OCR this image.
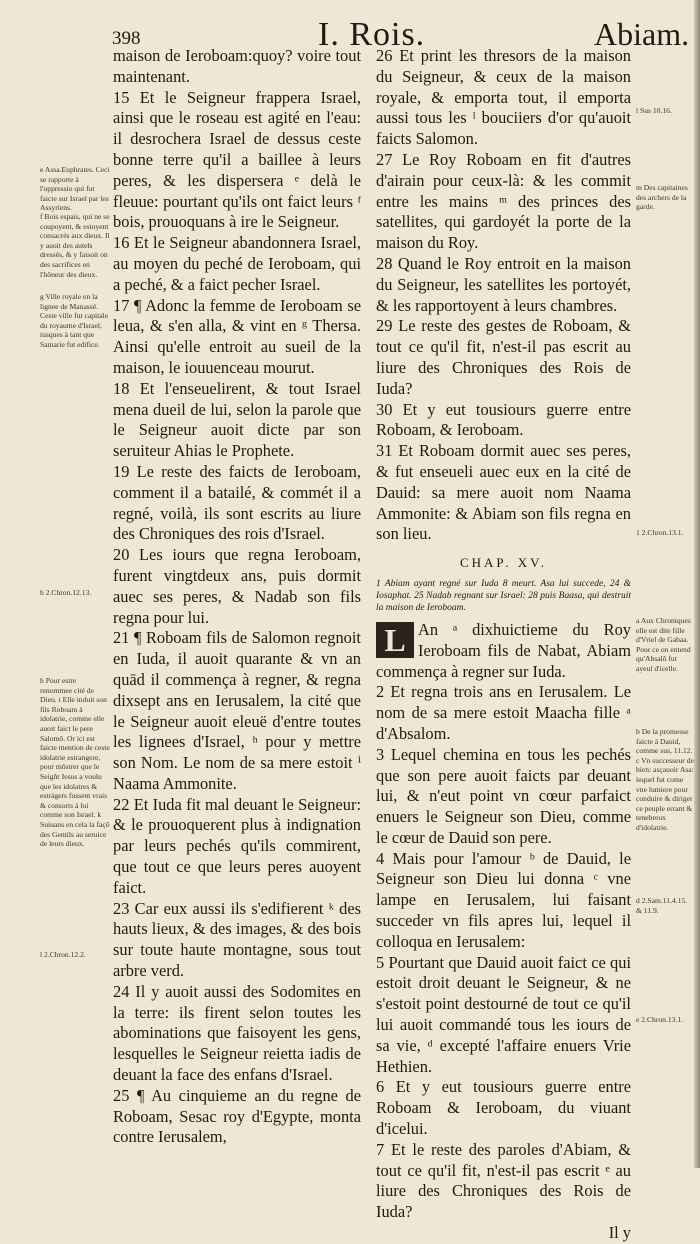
398	I. Rois.	Abiam.
e Assa.Euphrates. Ceci se rapporte à l'oppressio qui fut faicte sur Israel par les Assyriens.
f Bois espais, qui ne se coupoyent, & estoyent consacrés aux dieux. Il y auoit des autels dressés, & y faisoit on des sacrifices en l'hõneur des dieux.
g Ville royale en la lignee de Manassé. Ceste ville fut capitale du royaume d'Israel, iusques à tant que Samarie fut edifice.
h 2.Chron.12.13.
h Pour estre renommee cité de Dieu. i Elle induit son fils Roboam à idolatrie, comme elle auoit faict le pere Salomõ. Or ici est faicte mention de ceste idolatrie estrangere, pour mõstrer que le Seigñr Iesus a voulu que les idolatres & estrágers fussent vrais & consorts à lui comme son Israel. k Suiuans en cela la façõ des Gentils au seruice de leurs dieux.
l 2.Chron.12.2.
l Sus 10.16.
m Des capitaines des archers de la garde.
1 2.Chron.13.1.
a Aux Chroniques elle est dite fille d'Vriel de Gabaa. Pour ce on entend qu'Absalõ fut ayeul d'icelle.
b De la promesse faicte à Dauid, comme sus, 11.12. c Vn successeur de bien: asçauoir Asa: lequel fut come vne lumiere pour conduire & diriger ce peuple errant & tenebreux d'idolatrie.
d 2.Sam.11.4.15. & 11.9.
e 2.Chron.13.1.

maison de Ieroboam:quoy? voire tout maintenant.

15 Et le Seigneur frappera Israel, ainsi que le roseau est agité en l'eau: il desrochera Israel de dessus ceste bonne terre qu'il a baillee à leurs peres, & les dispersera ᵉ delà le fleuue: pourtant qu'ils ont faict leurs ᶠ bois, prouoquans à ire le Seigneur.

16 Et le Seigneur abandonnera Israel, au moyen du peché de Ieroboam, qui a peché, & a faict pecher Israel.

17 ¶ Adonc la femme de Ieroboam se leua, & s'en alla, & vint en ᵍ Thersa. Ainsi qu'elle entroit au sueil de la maison, le iouuenceau mourut.

18 Et l'enseuelirent, & tout Israel mena dueil de lui, selon la parole que le Seigneur auoit dicte par son seruiteur Ahias le Prophete.

19 Le reste des faicts de Ieroboam, comment il a batailé, & commét il a regné, voilà, ils sont escrits au liure des Chroniques des rois d'Israel.

20 Les iours que regna Ieroboam, furent vingtdeux ans, puis dormit auec ses peres, & Nadab son fils regna pour lui.

21 ¶ Roboam fils de Salomon regnoit en Iuda, il auoit quarante & vn an quād il commença à regner, & regna dixsept ans en Ierusalem, la cité que le Seigneur auoit eleuë d'entre toutes les lignees d'Israel, ʰ pour y mettre son Nom. Le nom de sa mere estoit ⁱ Naama Ammonite.

22 Et Iuda fit mal deuant le Seigneur: & le prouoquerent plus à indignation par leurs pechés qu'ils commirent, que tout ce que leurs peres auoyent faict.

23 Car eux aussi ils s'edifierent ᵏ des hauts lieux, & des images, & des bois sur toute haute montagne, sous tout arbre verd.

24 Il y auoit aussi des Sodomites en la terre: ils firent selon toutes les abominations que faisoyent les gens, lesquelles le Seigneur reietta iadis de deuant la face des enfans d'Israel.

25 ¶ Au cinquieme an du regne de Roboam, Sesac roy d'Egypte, monta contre Ierusalem,

26 Et print les thresors de la maison du Seigneur, & ceux de la maison royale, & emporta tout, il emporta aussi tous les ˡ bouciiers d'or qu'auoit faicts Salomon.

27 Le Roy Roboam en fit d'autres d'airain pour ceux-là: & les commit entre les mains ᵐ des princes des satellites, qui gardoyét la porte de la maison du Roy.

28 Quand le Roy entroit en la maison du Seigneur, les satellites les portoyét, & les rapportoyent à leurs chambres.

29 Le reste des gestes de Roboam, & tout ce qu'il fit, n'est-il pas escrit au liure des Chroniques des Rois de Iuda?

30 Et y eut tousiours guerre entre Roboam, & Ieroboam.

31 Et Roboam dormit auec ses peres, & fut enseueli auec eux en la cité de Dauid: sa mere auoit nom Naama Ammonite: & Abiam son fils regna en son lieu.

CHAP. XV.
1 Abiam ayant regné sur Iuda 8 meurt. Asa lui succede, 24 & Iosaphat. 25 Nadab regnant sur Israel: 28 puis Baasa, qui destruit la maison de Ieroboam.

L An ᵃ dixhuictieme du Roy Ieroboam fils de Nabat, Abiam commença à regner sur Iuda.

2 Et regna trois ans en Ierusalem. Le nom de sa mere estoit Maacha fille ᵃ d'Absalom.

3 Lequel chemina en tous les pechés que son pere auoit faicts par deuant lui, & n'eut point vn cœur parfaict enuers le Seigneur son Dieu, comme le cœur de Dauid son pere.

4 Mais pour l'amour ᵇ de Dauid, le Seigneur son Dieu lui donna ᶜ vne lampe en Ierusalem, lui faisant succeder vn fils apres lui, lequel il colloqua en Ierusalem:

5 Pourtant que Dauid auoit faict ce qui estoit droit deuant le Seigneur, & ne s'estoit point destourné de tout ce qu'il lui auoit commandé tous les iours de sa vie, ᵈ excepté l'affaire enuers Vrie Hethien.

6 Et y eut tousiours guerre entre Roboam & Ieroboam, du viuant d'icelui.

7 Et le reste des paroles d'Abiam, & tout ce qu'il fit, n'est-il pas escrit ᵉ au liure des Chroniques des Rois de Iuda?

Il y
